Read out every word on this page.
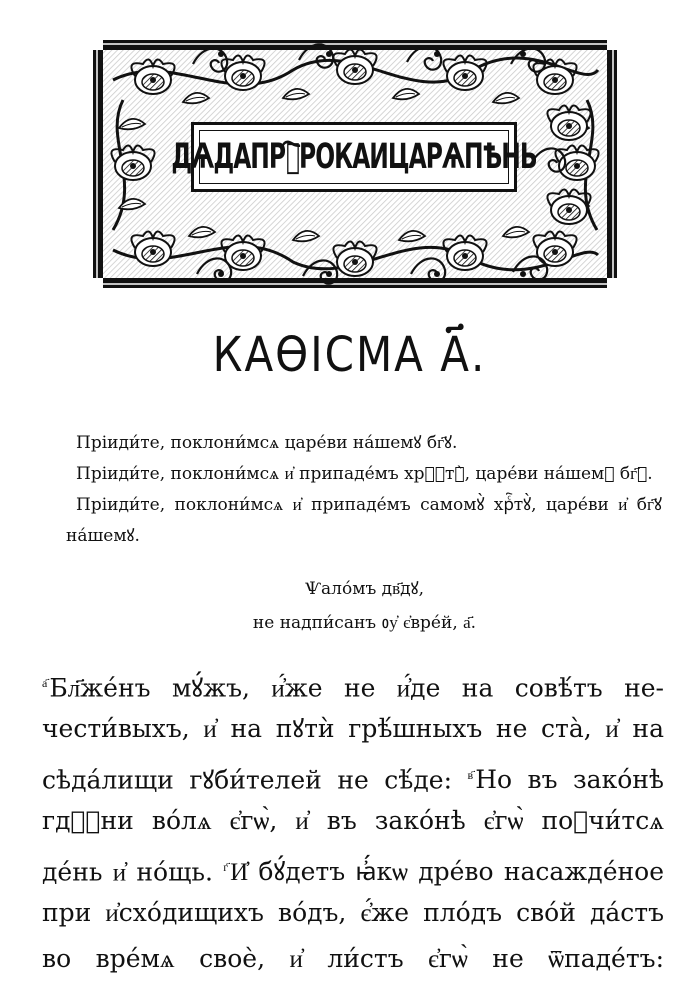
ДѦДАПРⷪ҇РОКАИЦАРѦПѢНЬ
КАѲІСМА А҃.

Пріиди́те, поклони́мсѧ царе́ви на́шемꙋ бг҃ꙋ.

Пріиди́те, поклони́мсѧ и҆ припаде́мъ хрⷭ҇тꙋ̀, царе́ви на́шемꙋ бг҃ꙋ.

Пріиди́те, поклони́мсѧ и҆ припаде́мъ самомꙋ̀ хрⷭ҇тꙋ̀, царе́ви и҆ бг҃ꙋ на́шемꙋ.

Ѱало́мъ дв҃дꙋ,
не надпи́санъ ᲂу҆ є҆вре́й, а҃.
$^{а҃}$Бл҃же́нъ мꙋ́жъ, и҆́же не и҆́де на совѣ́тъ не-
чести́выхъ, и҆ на пꙋтѝ грѣ́шныхъ не ста̀, и҆ на
сѣда́лищи гꙋби́телей не сѣ́де: $^{в҃}$Но въ зако́нѣ
гдⷭ҇ни во́лѧ є҆гѡ̀, и҆ въ зако́нѣ є҆гѡ̀ поꙋчи́тсѧ
де́нь и҆ но́щь. $^{г҃}$И҆ бꙋ́детъ ꙗ҆́кѡ дре́во насажде́ное
при и҆схо́дищихъ во́дъ, є҆́же пло́дъ сво́й да́стъ
во вре́мѧ своѐ, и҆ ли́стъ є҆гѡ̀ не ѿпаде́тъ:
